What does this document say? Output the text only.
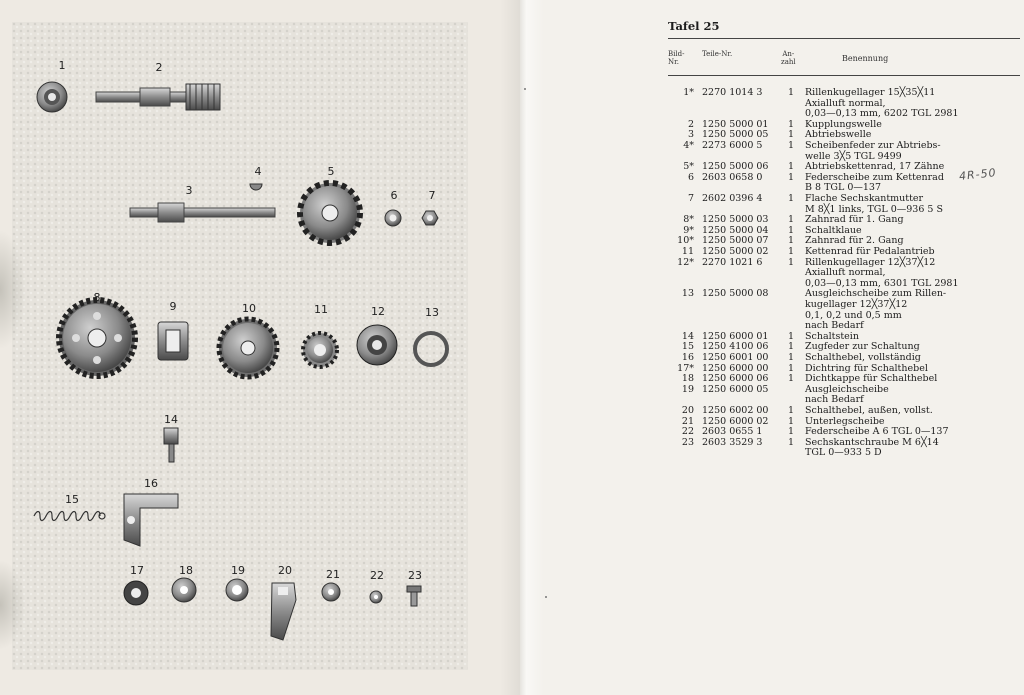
1	2
3
4	5
6	7
8
9	10	11	12	13
14
15
16
17	18	19	20	21	22 23
Tafel 25
Bild-
Nr.
Teile-Nr.	An-
zahl	Benennung
1* 2270 1014 3	1 Rillenkugellager 15╳35╳11
Axialluft normal,
0,03—0,13 mm, 6202 TGL 2981
2 1250 5000 01 1 Kupplungswelle
3 1250 5000 05 1 Abtriebswelle
4* 2273 6000 5	1 Scheibenfeder zur Abtriebs-
welle 3╳5 TGL 9499
5* 1250 5000 06 1 Abtriebskettenrad, 17 Zähne
6 2603 0658 0	1 Federscheibe zum Kettenrad
B 8 TGL 0—137
7 2602 0396 4	1 Flache Sechskantmutter
M 8╳1 links, TGL 0—936 5 S
8* 1250 5000 03 1 Zahnrad für 1. Gang
9* 1250 5000 04 1 Schaltklaue
10* 1250 5000 07 1 Zahnrad für 2. Gang
11 1250 5000 02 1 Kettenrad für Pedalantrieb
12* 2270 1021 6	1 Rillenkugellager 12╳37╳12
Axialluft normal,
0,03—0,13 mm, 6301 TGL 2981
13 1250 5000 08	Ausgleichscheibe zum Rillen-
kugellager 12╳37╳12
0,1, 0,2 und 0,5 mm
nach Bedarf
14 1250 6000 01 1 Schaltstein
15 1250 4100 06 1 Zugfeder zur Schaltung
16 1250 6001 00 1 Schalthebel, vollständig
17* 1250 6000 00 1 Dichtring für Schalthebel
18 1250 6000 06 1 Dichtkappe für Schalthebel
19 1250 6000 05	Ausgleichscheibe
nach Bedarf
20 1250 6002 00 1 Schalthebel, außen, vollst.
21 1250 6000 02 1 Unterlegscheibe
22 2603 0655 1	1 Federscheibe A 6 TGL 0—137
23 2603 3529 3	1 Sechskantschraube M 6╳14
TGL 0—933 5 D
4R-50
